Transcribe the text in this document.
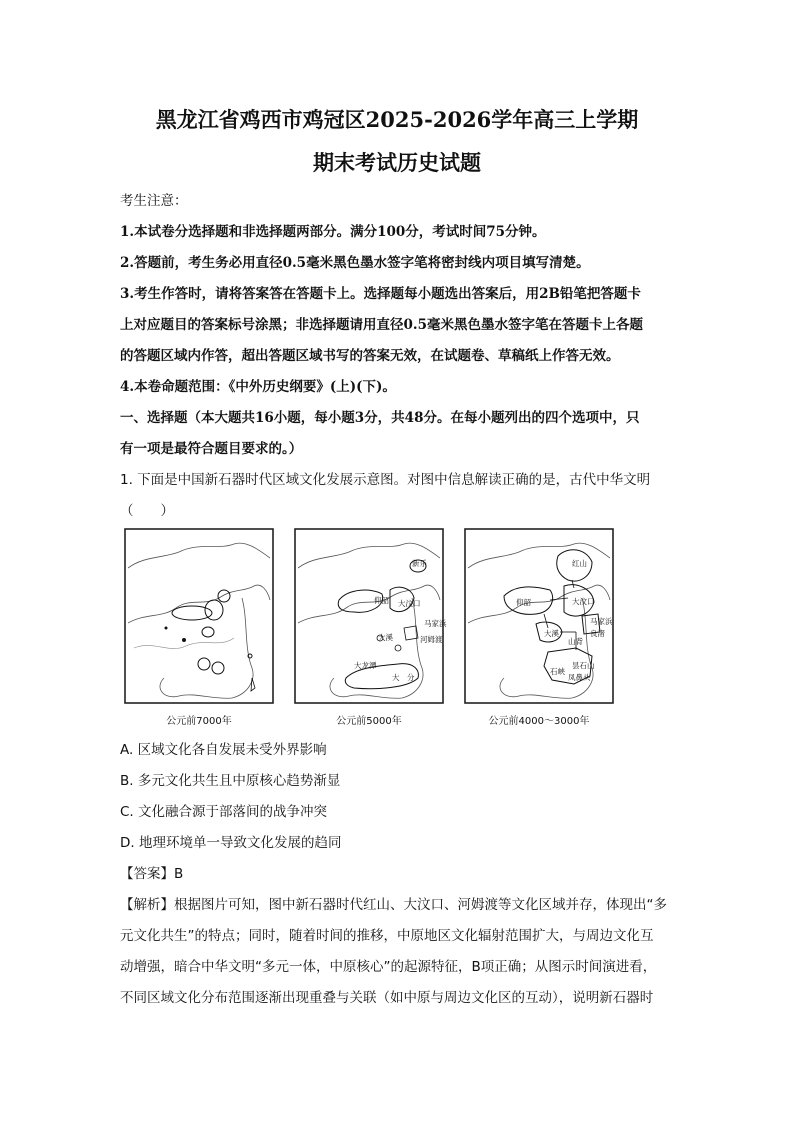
黑龙江省鸡西市鸡冠区2025-2026学年高三上学期
期末考试历史试题
考生注意：
1.本试卷分选择题和非选择题两部分。满分100分，考试时间75分钟。
2.答题前，考生务必用直径0.5毫米黑色墨水签字笔将密封线内项目填写清楚。
3.考生作答时，请将答案答在答题卡上。选择题每小题选出答案后，用2B铅笔把答题卡
上对应题目的答案标号涂黑；非选择题请用直径0.5毫米黑色墨水签字笔在答题卡上各题
的答题区域内作答，超出答题区域书写的答案无效，在试题卷、草稿纸上作答无效。
4.本卷命题范围：《中外历史纲要》(上)(下)。
一、选择题（本大题共16小题，每小题3分，共48分。在每小题列出的四个选项中，只
有一项是最符合题目要求的。）
1. 下面是中国新石器时代区域文化发展示意图。对图中信息解读正确的是，古代中华文明
（　　）
新乐
仰韶 大汶口
马家浜
大溪	河姆渡
大龙潭
大　分
红山
仰韶	大汶口
马家浜
大溪
山背
石峡
凤鼻头
昙石山
良渚
公元前7000年	公元前5000年	公元前4000～3000年
A. 区域文化各自发展未受外界影响
B. 多元文化共生且中原核心趋势渐显
C. 文化融合源于部落间的战争冲突
D. 地理环境单一导致文化发展的趋同
【答案】B
【解析】根据图片可知，图中新石器时代红山、大汶口、河姆渡等文化区域并存，体现出“多
元文化共生”的特点；同时，随着时间的推移，中原地区文化辐射范围扩大，与周边文化互
动增强，暗合中华文明“多元一体，中原核心”的起源特征，B项正确；从图示时间演进看，
不同区域文化分布范围逐渐出现重叠与关联（如中原与周边文化区的互动），说明新石器时
